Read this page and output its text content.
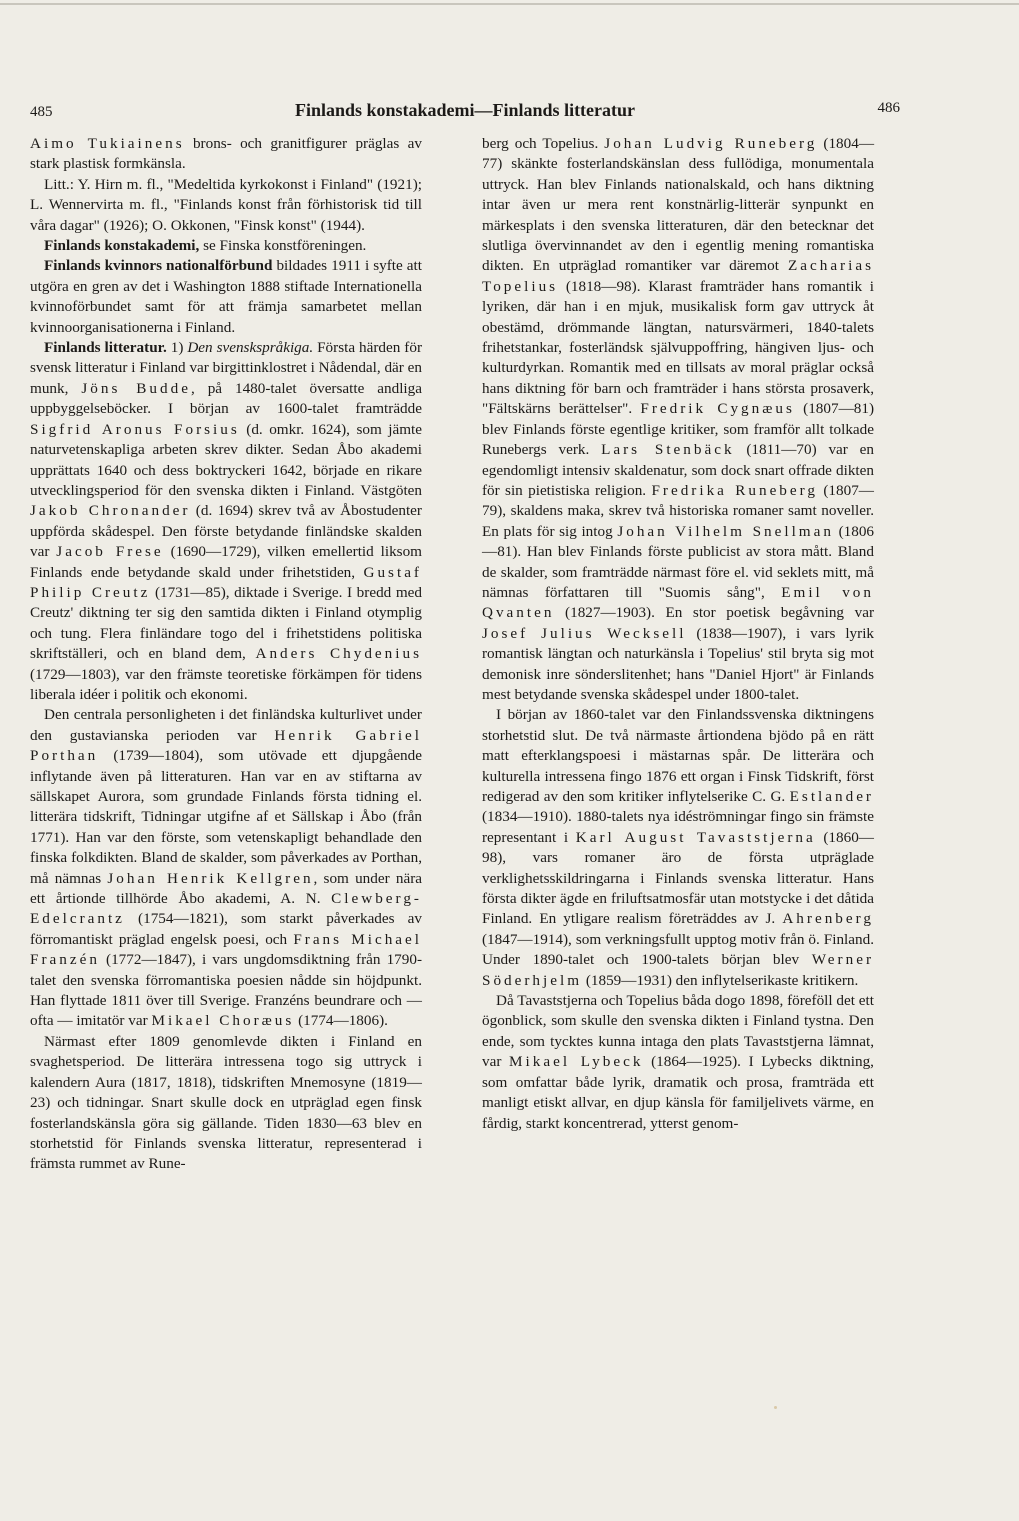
485	Finlands konstakademi—Finlands litteratur	486

Aimo Tukiainens brons- och granitfigurer präglas av stark plastisk formkänsla.

Litt.: Y. Hirn m. fl., "Medeltida kyrkokonst i Finland" (1921); L. Wennervirta m. fl., "Finlands konst från förhistorisk tid till våra dagar" (1926); O. Okkonen, "Finsk konst" (1944).

Finlands konstakademi, se Finska konstföreningen.

Finlands kvinnors nationalförbund bildades 1911 i syfte att utgöra en gren av det i Washington 1888 stiftade Internationella kvinnoförbundet samt för att främja samarbetet mellan kvinnoorganisationerna i Finland.

Finlands litteratur. 1) Den svenskspråkiga. Första härden för svensk litteratur i Finland var birgittinklostret i Nådendal, där en munk, Jöns Budde, på 1480-talet översatte andliga uppbyggelseböcker. I början av 1600-talet framträdde Sigfrid Aronus Forsius (d. omkr. 1624), som jämte naturvetenskapliga arbeten skrev dikter. Sedan Åbo akademi upprättats 1640 och dess boktryckeri 1642, började en rikare utvecklingsperiod för den svenska dikten i Finland. Västgöten Jakob Chronander (d. 1694) skrev två av Åbostudenter uppförda skådespel. Den förste betydande finländske skalden var Jacob Frese (1690—1729), vilken emellertid liksom Finlands ende betydande skald under frihetstiden, Gustaf Philip Creutz (1731—85), diktade i Sverige. I bredd med Creutz' diktning ter sig den samtida dikten i Finland otymplig och tung. Flera finländare togo del i frihetstidens politiska skriftställeri, och en bland dem, Anders Chydenius (1729—1803), var den främste teoretiske förkämpen för tidens liberala idéer i politik och ekonomi.

Den centrala personligheten i det finländska kulturlivet under den gustavianska perioden var Henrik Gabriel Porthan (1739—1804), som utövade ett djupgående inflytande även på litteraturen. Han var en av stiftarna av sällskapet Aurora, som grundade Finlands första tidning el. litterära tidskrift, Tidningar utgifne af et Sällskap i Åbo (från 1771). Han var den förste, som vetenskapligt behandlade den finska folkdikten. Bland de skalder, som påverkades av Porthan, må nämnas Johan Henrik Kellgren, som under nära ett årtionde tillhörde Åbo akademi, A. N. Clewberg-Edelcrantz (1754—1821), som starkt påverkades av förromantiskt präglad engelsk poesi, och Frans Michael Franzén (1772—1847), i vars ungdomsdiktning från 1790-talet den svenska förromantiska poesien nådde sin höjdpunkt. Han flyttade 1811 över till Sverige. Franzéns beundrare och — ofta — imitatör var Mikael Choræus (1774—1806).

Närmast efter 1809 genomlevde dikten i Finland en svaghetsperiod. De litterära intressena togo sig uttryck i kalendern Aura (1817, 1818), tidskriften Mnemosyne (1819—23) och tidningar. Snart skulle dock en utpräglad egen finsk fosterlandskänsla göra sig gällande. Tiden 1830—63 blev en storhetstid för Finlands svenska litteratur, representerad i främsta rummet av Rune-

berg och Topelius. Johan Ludvig Runeberg (1804—77) skänkte fosterlandskänslan dess fullödiga, monumentala uttryck. Han blev Finlands nationalskald, och hans diktning intar även ur mera rent konstnärlig-litterär synpunkt en märkesplats i den svenska litteraturen, där den betecknar det slutliga övervinnandet av den i egentlig mening romantiska dikten. En utpräglad romantiker var däremot Zacharias Topelius (1818—98). Klarast framträder hans romantik i lyriken, där han i en mjuk, musikalisk form gav uttryck åt obestämd, drömmande längtan, natursvärmeri, 1840-talets frihetstankar, fosterländsk självuppoffring, hängiven ljus- och kulturdyrkan. Romantik med en tillsats av moral präglar också hans diktning för barn och framträder i hans största prosaverk, "Fältskärns berättelser". Fredrik Cygnæus (1807—81) blev Finlands förste egentlige kritiker, som framför allt tolkade Runebergs verk. Lars Stenbäck (1811—70) var en egendomligt intensiv skaldenatur, som dock snart offrade dikten för sin pietistiska religion. Fredrika Runeberg (1807—79), skaldens maka, skrev två historiska romaner samt noveller. En plats för sig intog Johan Vilhelm Snellman (1806—81). Han blev Finlands förste publicist av stora mått. Bland de skalder, som framträdde närmast före el. vid seklets mitt, må nämnas författaren till "Suomis sång", Emil von Qvanten (1827—1903). En stor poetisk begåvning var Josef Julius Wecksell (1838—1907), i vars lyrik romantisk längtan och naturkänsla i Topelius' stil bryta sig mot demonisk inre sönderslitenhet; hans "Daniel Hjort" är Finlands mest betydande svenska skådespel under 1800-talet.

I början av 1860-talet var den Finlandssvenska diktningens storhetstid slut. De två närmaste årtiondena bjödo på en rätt matt efterklangspoesi i mästarnas spår. De litterära och kulturella intressena fingo 1876 ett organ i Finsk Tidskrift, först redigerad av den som kritiker inflytelserike C. G. Estlander (1834—1910). 1880-talets nya idéströmningar fingo sin främste representant i Karl August Tavaststjerna (1860—98), vars romaner äro de första utpräglade verklighetsskildringarna i Finlands svenska litteratur. Hans första dikter ägde en friluftsatmosfär utan motstycke i det dåtida Finland. En ytligare realism företräddes av J. Ahrenberg (1847—1914), som verkningsfullt upptog motiv från ö. Finland. Under 1890-talet och 1900-talets början blev Werner Söderhjelm (1859—1931) den inflytelserikaste kritikern.

Då Tavaststjerna och Topelius båda dogo 1898, föreföll det ett ögonblick, som skulle den svenska dikten i Finland tystna. Den ende, som tycktes kunna intaga den plats Tavaststjerna lämnat, var Mikael Lybeck (1864—1925). I Lybecks diktning, som omfattar både lyrik, dramatik och prosa, framträda ett manligt etiskt allvar, en djup känsla för familjelivets värme, en fårdig, starkt koncentrerad, ytterst genom-
